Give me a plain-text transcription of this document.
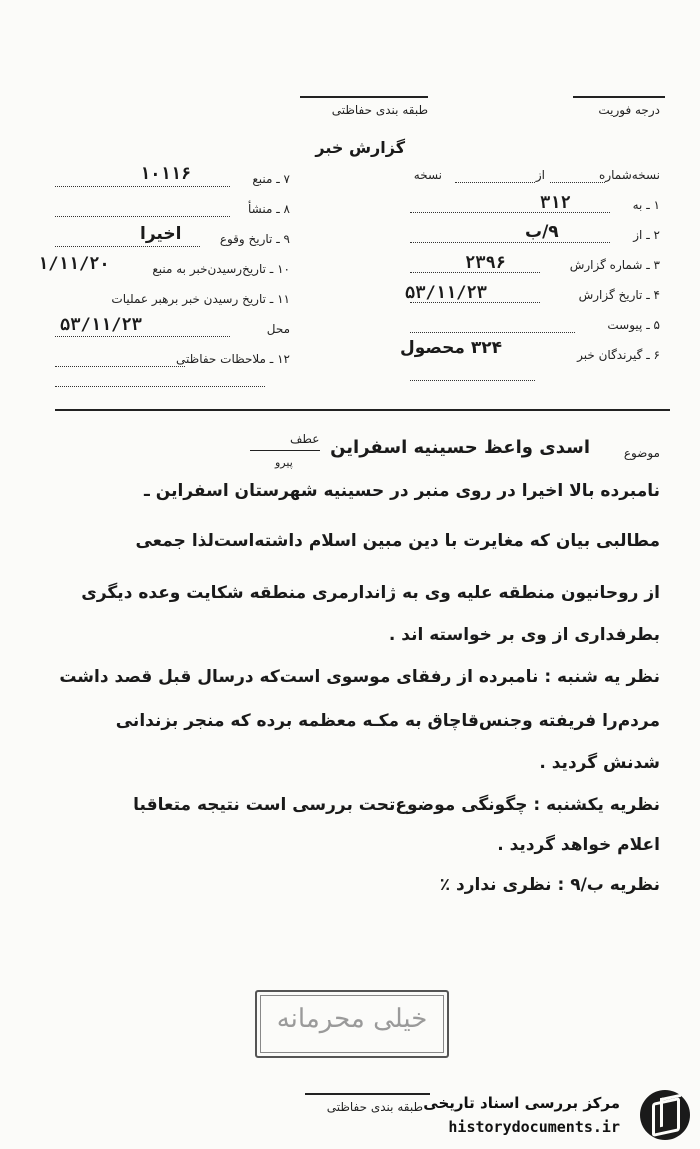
درجه فوریت
طبقه بندی حفاظتی
گزارش خبر
نسخه‌شماره
از
نسخه
۱ ـ به
۳۱۲
۲ ـ از
۹/ب
۳ ـ شماره گزارش
۲۳۹۶
۴ ـ تاریخ گزارش
۵۳/۱۱/۲۳
۵ ـ پیوست
۶ ـ گیرندگان خبر
۳۲۴ محصول
۷ ـ منبع
۱۰۱۱۶
۸ ـ منشأ
۹ ـ تاریخ وقوع
اخیرا
۱۰ ـ تاریخ‌رسیدن‌خبر به منبع
۱/۱۱/۲۰
۱۱ ـ تاریخ رسیدن خبر برهبر عملیات
محل
۵۳/۱۱/۲۳
۱۲ ـ ملاحظات حفاظتی
موضوع
اسدی واعظ حسینیه اسفراین
عطف
پیرو
نامبرده بالا اخیرا در روی منبر در حسینیه شهرستان اسفراین ـ
مطالبی بیان که مغایرت با دین مبین اسلام داشته‌است‌لذا جمعی
از روحانیون منطقه علیه وی به ژاندارمری منطقه شکایت وعده دیگری
بطرفداری از وی بر خواسته اند .
نظر یه شنبه : نامبرده از رفقای موسوی است‌که درسال قبل قصد داشت
مردم‌را فریفته وجنس‌قاچاق به مکـه معظمه برده که منجر بزندانی
شدنش گردید .
نظریه یکشنبه : چگونگی موضوع‌تحت بررسی است نتیجه متعاقبا
اعلام خواهد گردید .
نظریه ب/۹ : نظری ندارد ٪
خیلی محرمانه
طبقه بندی حفاظتی مرکز بررسی اسناد تاریخی
historydocuments.ir
